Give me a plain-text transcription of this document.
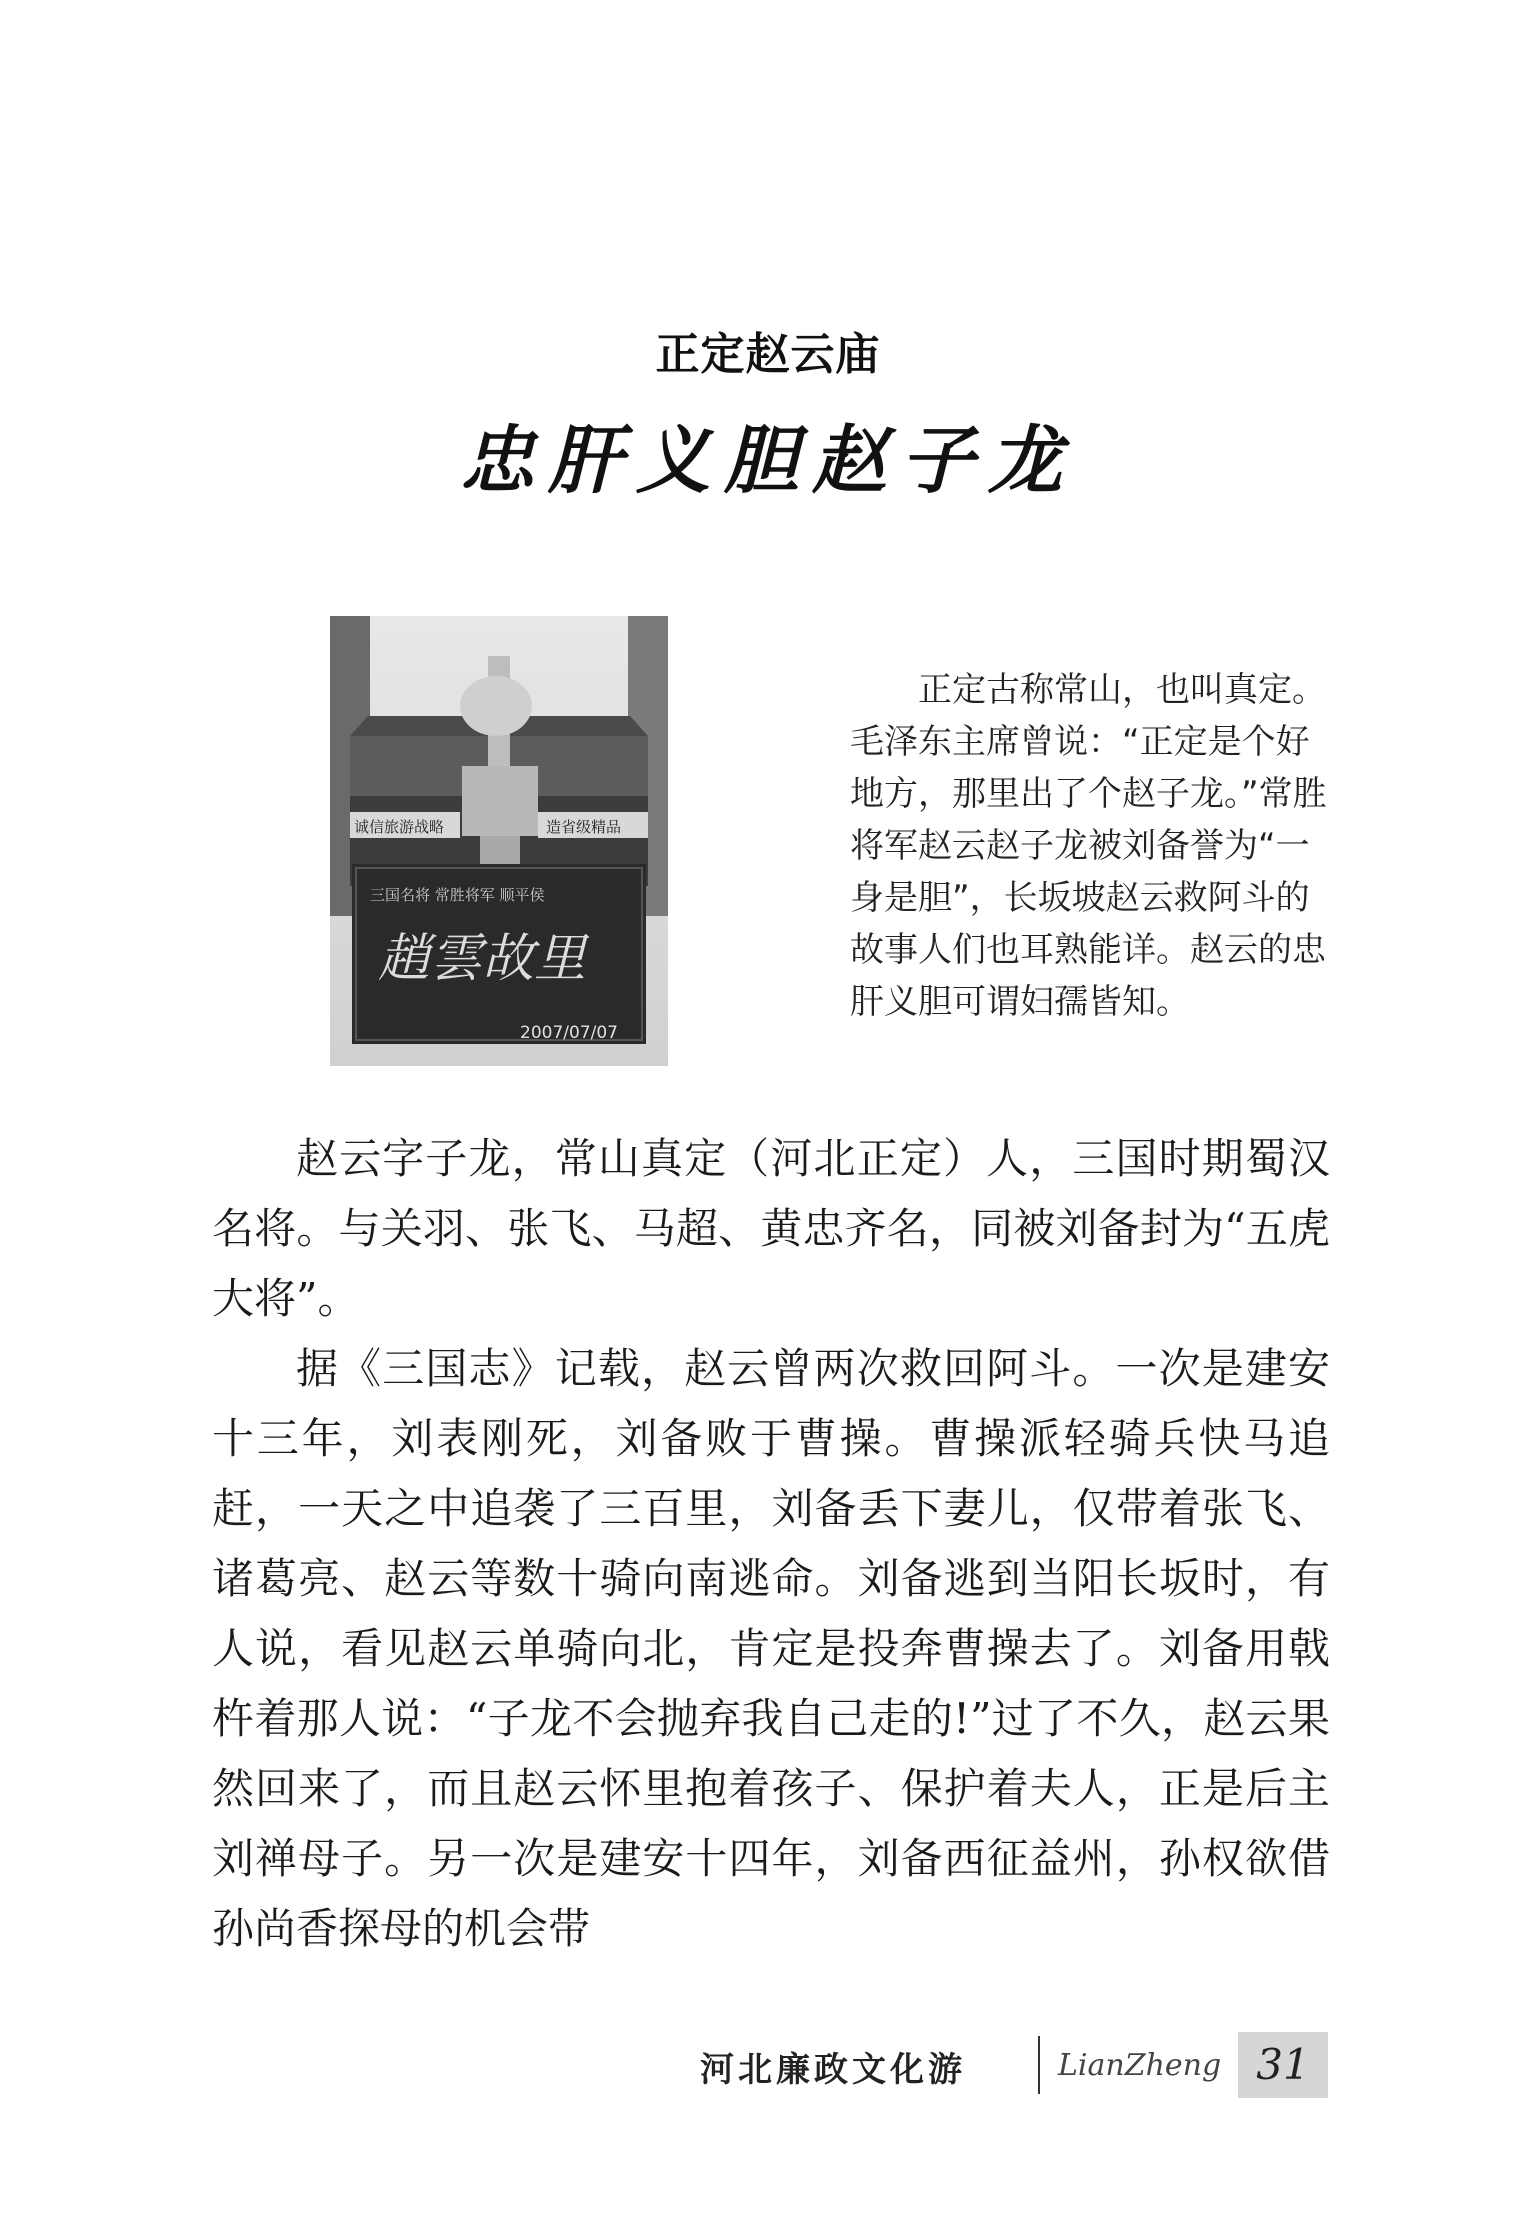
正定赵云庙
忠肝义胆赵子龙
诚信旅游战略	造省级精品
三国名将 常胜将军 顺平侯
趙雲故里
2007/07/07

正定古称常山，也叫真定。毛泽东主席曾说：“正定是个好地方，那里出了个赵子龙。”常胜将军赵云赵子龙被刘备誉为“一身是胆”，长坂坡赵云救阿斗的故事人们也耳熟能详。赵云的忠肝义胆可谓妇孺皆知。

赵云字子龙，常山真定（河北正定）人，三国时期蜀汉名将。与关羽、张飞、马超、黄忠齐名，同被刘备封为“五虎大将”。

据《三国志》记载，赵云曾两次救回阿斗。一次是建安十三年，刘表刚死，刘备败于曹操。曹操派轻骑兵快马追赶，一天之中追袭了三百里，刘备丢下妻儿，仅带着张飞、诸葛亮、赵云等数十骑向南逃命。刘备逃到当阳长坂时，有人说，看见赵云单骑向北，肯定是投奔曹操去了。刘备用戟杵着那人说：“子龙不会抛弃我自己走的!”过了不久，赵云果然回来了，而且赵云怀里抱着孩子、保护着夫人，正是后主刘禅母子。另一次是建安十四年，刘备西征益州，孙权欲借孙尚香探母的机会带

河北廉政文化游	LianZheng 31
